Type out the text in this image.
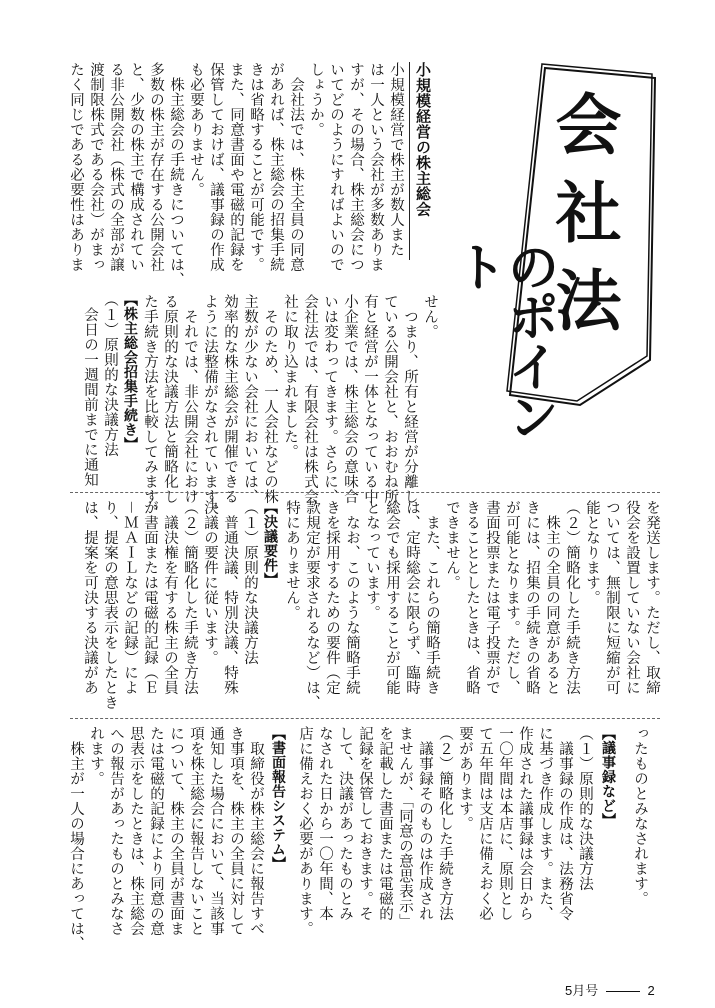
会社法
のポイント
小規模経営の株主総会
小規模経営で株主が数人また
は一人という会社が多数ありま
すが、その場合、株主総会につ
いてどのようにすればよいので
しょうか。
　会社法では、株主全員の同意
があれば、株主総会の招集手続
きは省略することが可能です。
また、同意書面や電磁的記録を
保管しておけば、議事録の作成
も必要ありません。
　株主総会の手続きについては、
多数の株主が存在する公開会社
と、少数の株主で構成されてい
る非公開会社（株式の全部が譲
渡制限株式である会社）がまっ
たく同じである必要性はありま
せん。
　つまり、所有と経営が分離し
ている公開会社と、おおむね所
有と経営が一体となっている中
小企業では、株主総会の意味合
いは変わってきます。さらに、
会社法では、有限会社は株式会
社に取り込まれました。
　そのため、一人会社などの株
主数が少ない会社においては、
効率的な株主総会が開催できる
ように法整備がなされています。
　それでは、非公開会社におけ
る原則的な決議方法と簡略化し
た手続き方法を比較してみます。
【株主総会招集手続き】
（１）原則的な決議方法
　会日の一週間前までに通知
を発送します。ただし、取締
役会を設置していない会社に
ついては、無制限に短縮が可
能となります。
（２）簡略化した手続き方法
　株主の全員の同意があると
きには、招集の手続きの省略
が可能となります。ただし、
書面投票または電子投票がで
きることとしたときは、省略
できません。
　また、これらの簡略手続き
は、定時総会に限らず、臨時
総会でも採用することが可能
となっています。
　なお、このような簡略手続
きを採用するための要件（定
款規定が要求されるなど）は、
特にありません。
【決議要件】
（１）原則的な決議方法
　普通決議、特別決議、特殊
決議の要件に従います。
（２）簡略化した手続き方法
　議決権を有する株主の全員
が書面または電磁的記録（Ｅ
－ＭＡＩＬなどの記録）によ
り、提案の意思表示をしたとき
は、提案を可決する決議があ
ったものとみなされます。
【議事録など】
（１）原則的な決議方法
　議事録の作成は、法務省令
に基づき作成します。また、
作成された議事録は会日から
一〇年間は本店に、原則とし
て五年間は支店に備えおく必
要があります。
（２）簡略化した手続き方法
　議事録そのものは作成され
ませんが、「同意の意思表示」
を記載した書面または電磁的
記録を保管しておきます。そ
して、決議があったものとみ
なされた日から一〇年間、本
店に備えおく必要があります。
【書面報告システム】
　取締役が株主総会に報告すべ
き事項を、株主の全員に対して
通知した場合において、当該事
項を株主総会に報告しないこと
について、株主の全員が書面ま
たは電磁的記録により同意の意
思表示をしたときは、株主総会
への報告があったものとみなさ
れます。
　株主が一人の場合にあっては、
5月号	2
